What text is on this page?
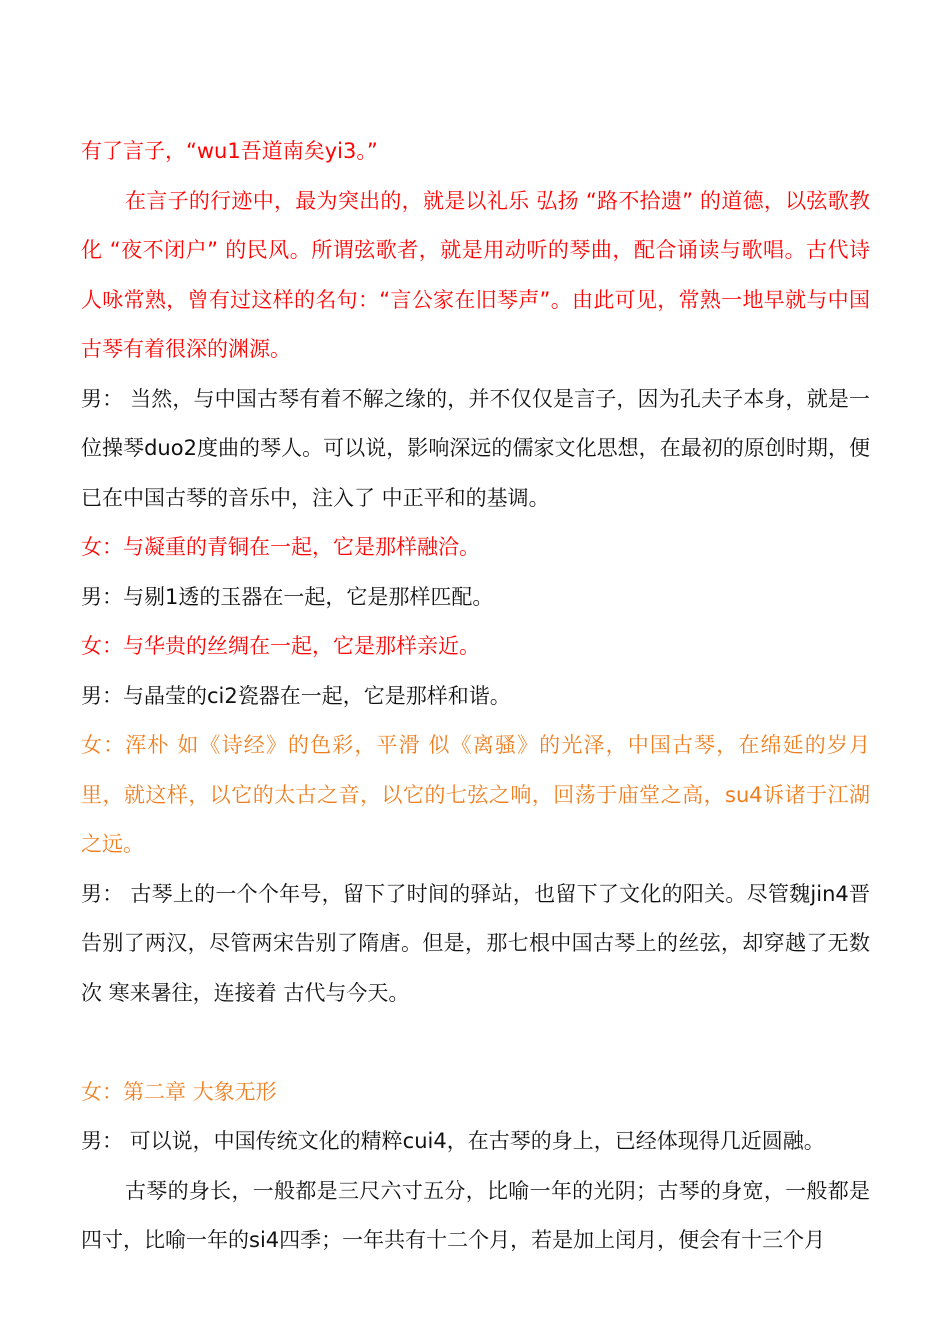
有了言子，“wu1吾道南矣yi3。”

在言子的行迹中，最为突出的，就是以礼乐 弘扬 “路不拾遗” 的道德，以弦歌教化 “夜不闭户” 的民风。所谓弦歌者，就是用动听的琴曲，配合诵读与歌唱。古代诗人咏常熟，曾有过这样的名句：“言公家在旧琴声”。由此可见，常熟一地早就与中国古琴有着很深的渊源。

男： 当然，与中国古琴有着不解之缘的，并不仅仅是言子，因为孔夫子本身，就是一位操琴duo2度曲的琴人。可以说，影响深远的儒家文化思想，在最初的原创时期，便已在中国古琴的音乐中，注入了 中正平和的基调。

女：与凝重的青铜在一起，它是那样融洽。

男：与剔1透的玉器在一起，它是那样匹配。

女：与华贵的丝绸在一起，它是那样亲近。

男：与晶莹的ci2瓷器在一起，它是那样和谐。

女：浑朴 如《诗经》的色彩，平滑 似《离骚》的光泽，中国古琴，在绵延的岁月里，就这样，以它的太古之音，以它的七弦之响，回荡于庙堂之高，su4诉诸于江湖之远。

男： 古琴上的一个个年号，留下了时间的驿站，也留下了文化的阳关。尽管魏jin4晋告别了两汉，尽管两宋告别了隋唐。但是，那七根中国古琴上的丝弦，却穿越了无数次 寒来暑往，连接着 古代与今天。

女：第二章 大象无形

男： 可以说，中国传统文化的精粹cui4，在古琴的身上，已经体现得几近圆融。

古琴的身长，一般都是三尺六寸五分，比喻一年的光阴；古琴的身宽，一般都是四寸，比喻一年的si4四季；一年共有十二个月，若是加上闰月，便会有十三个月
